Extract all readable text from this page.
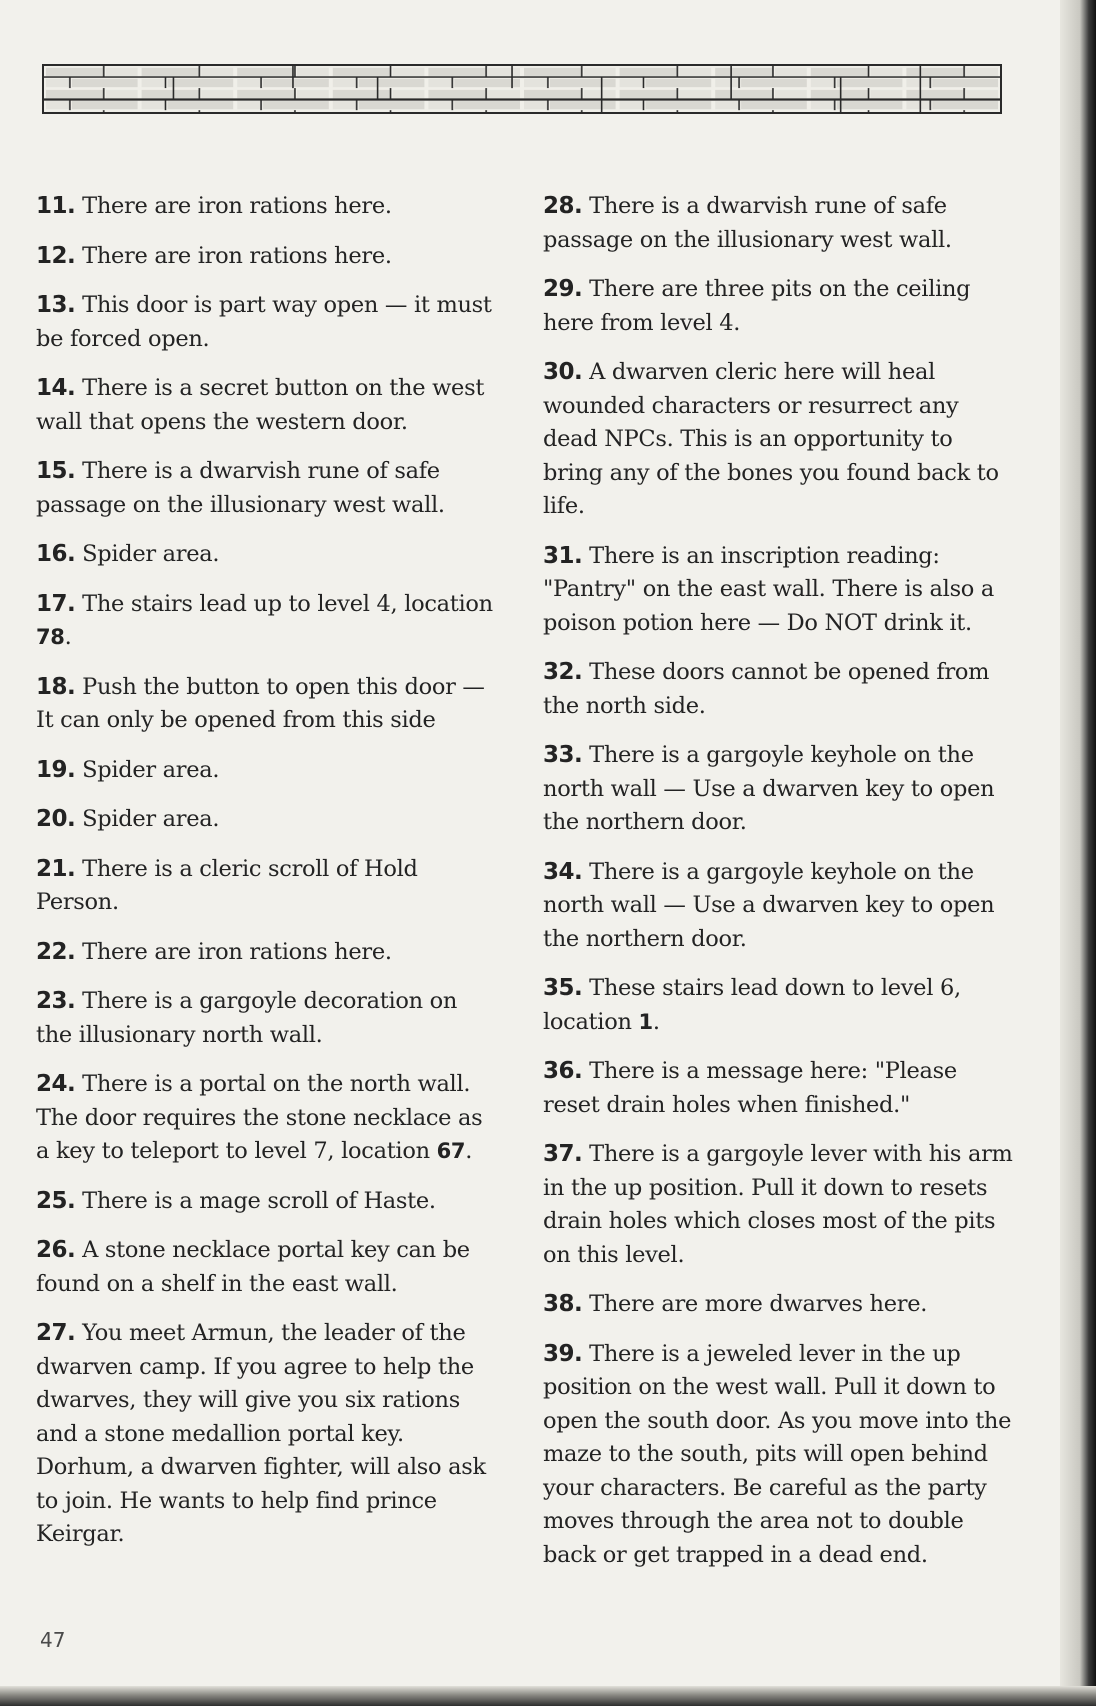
11. There are iron rations here.

12. There are iron rations here.

13. This door is part way open — it must be forced open.

14. There is a secret button on the west wall that opens the western door.

15. There is a dwarvish rune of safe passage on the illusionary west wall.

16. Spider area.

17. The stairs lead up to level 4, location 78.

18. Push the button to open this door — It can only be opened from this side

19. Spider area.

20. Spider area.

21. There is a cleric scroll of Hold Person.

22. There are iron rations here.

23. There is a gargoyle decoration on the illusionary north wall.

24. There is a portal on the north wall. The door requires the stone necklace as a key to teleport to level 7, location 67.

25. There is a mage scroll of Haste.

26. A stone necklace portal key can be found on a shelf in the east wall.

27. You meet Armun, the leader of the dwarven camp. If you agree to help the dwarves, they will give you six rations and a stone medallion portal key. Dorhum, a dwarven fighter, will also ask to join. He wants to help find prince Keirgar.

28. There is a dwarvish rune of safe passage on the illusionary west wall.

29. There are three pits on the ceiling here from level 4.

30. A dwarven cleric here will heal wounded characters or resurrect any dead NPCs. This is an opportunity to bring any of the bones you found back to life.

31. There is an inscription reading: "Pantry" on the east wall. There is also a poison potion here — Do NOT drink it.

32. These doors cannot be opened from the north side.

33. There is a gargoyle keyhole on the north wall — Use a dwarven key to open the northern door.

34. There is a gargoyle keyhole on the north wall — Use a dwarven key to open the northern door.

35. These stairs lead down to level 6, location 1.

36. There is a message here: "Please reset drain holes when finished."

37. There is a gargoyle lever with his arm in the up position. Pull it down to resets drain holes which closes most of the pits on this level.

38. There are more dwarves here.

39. There is a jeweled lever in the up position on the west wall. Pull it down to open the south door. As you move into the maze to the south, pits will open behind your characters. Be careful as the party moves through the area not to double back or get trapped in a dead end.

47
